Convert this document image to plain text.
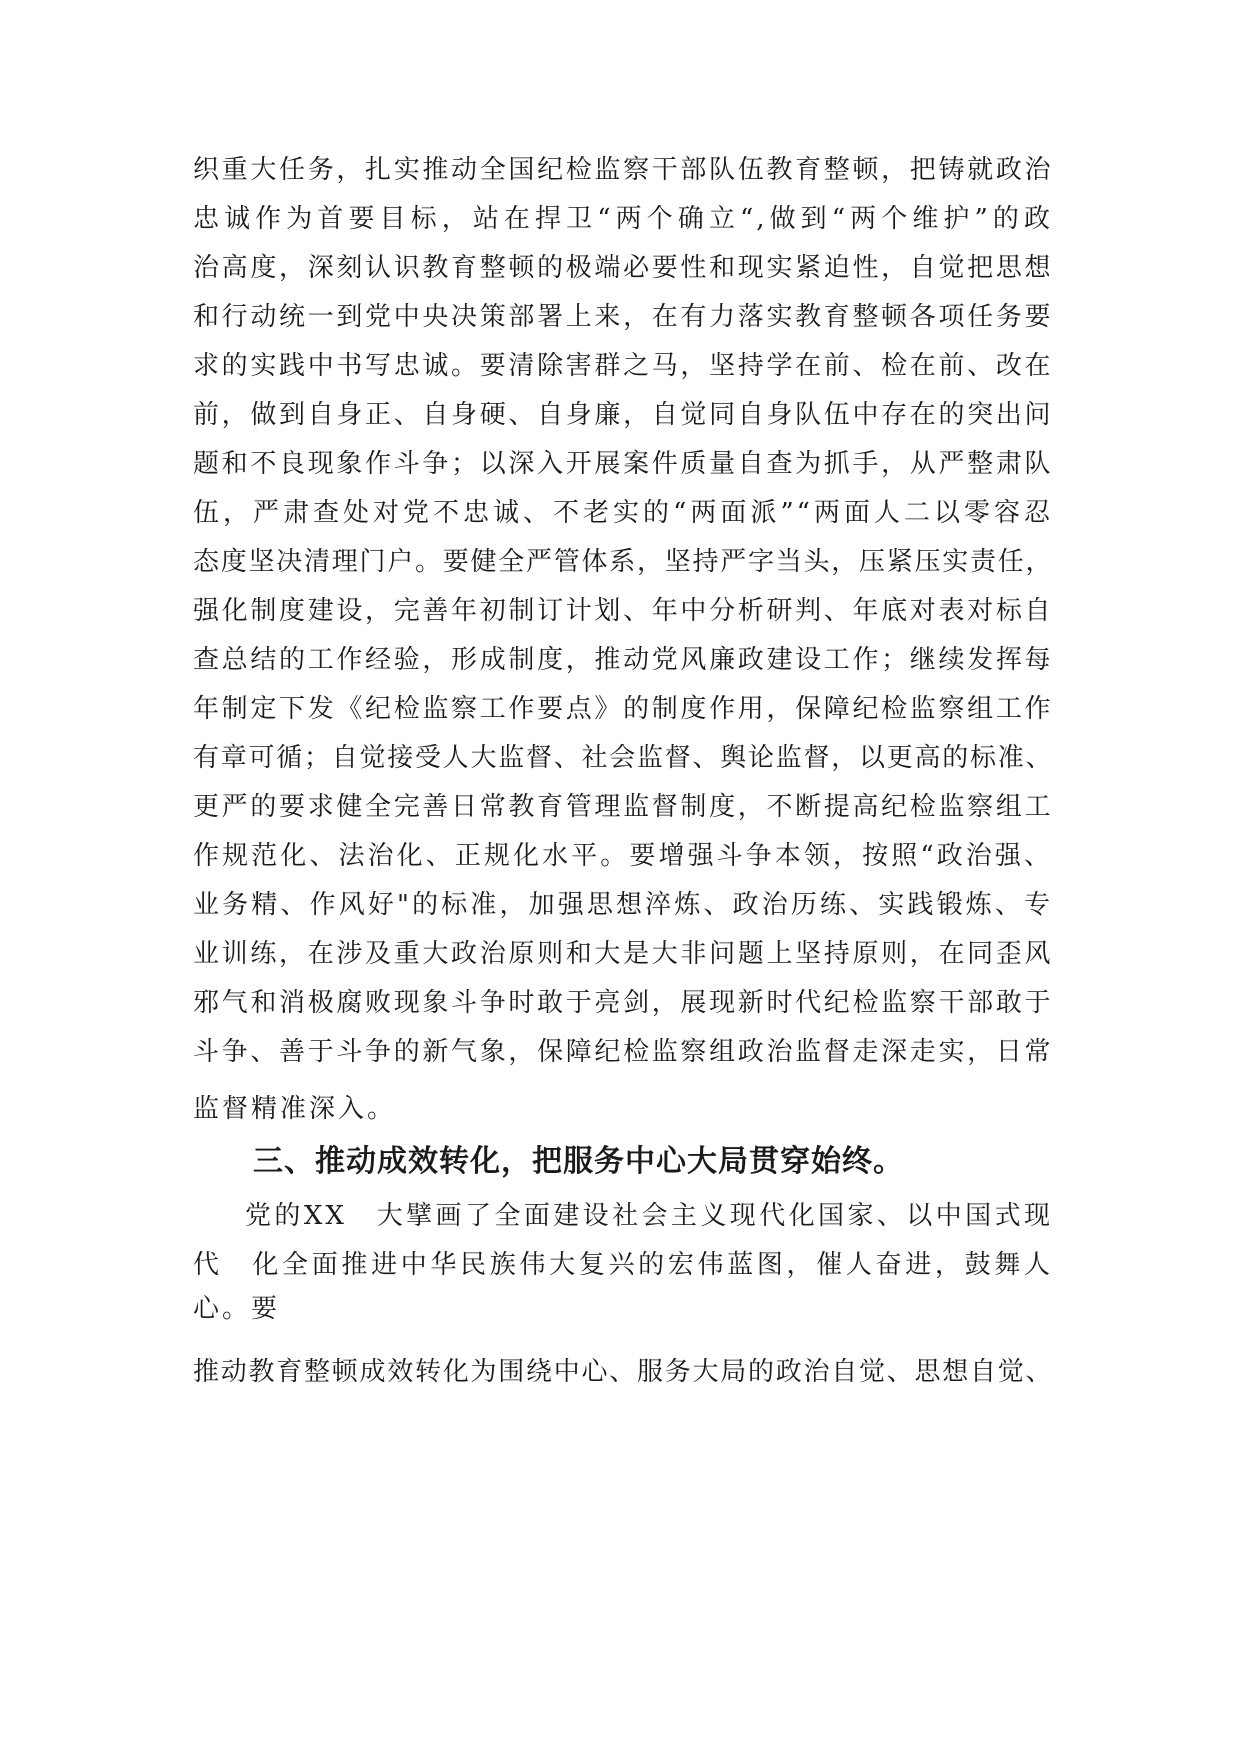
织重大任务，扎实推动全国纪检监察干部队伍教育整顿，把铸就政治
忠诚作为首要目标，站在捍卫“两个确立“,做到“两个维护”的政
治高度，深刻认识教育整顿的极端必要性和现实紧迫性，自觉把思想
和行动统一到党中央决策部署上来，在有力落实教育整顿各项任务要
求的实践中书写忠诚。要清除害群之马，坚持学在前、检在前、改在
前，做到自身正、自身硬、自身廉，自觉同自身队伍中存在的突出问
题和不良现象作斗争；以深入开展案件质量自查为抓手，从严整肃队
伍，严肃查处对党不忠诚、不老实的“两面派”“两面人二以零容忍
态度坚决清理门户。要健全严管体系，坚持严字当头，压紧压实责任，
强化制度建设，完善年初制订计划、年中分析研判、年底对表对标自
查总结的工作经验，形成制度，推动党风廉政建设工作；继续发挥每
年制定下发《纪检监察工作要点》的制度作用，保障纪检监察组工作
有章可循；自觉接受人大监督、社会监督、舆论监督，以更高的标准、
更严的要求健全完善日常教育管理监督制度，不断提高纪检监察组工
作规范化、法治化、正规化水平。要增强斗争本领，按照“政治强、
业务精、作风好"的标准，加强思想淬炼、政治历练、实践锻炼、专
业训练，在涉及重大政治原则和大是大非问题上坚持原则，在同歪风
邪气和消极腐败现象斗争时敢于亮剑，展现新时代纪检监察干部敢于
斗争、善于斗争的新气象，保障纪检监察组政治监督走深走实，日常
监督精准深入。
三、推动成效转化，把服务中心大局贯穿始终。
党的XX　大擘画了全面建设社会主义现代化国家、以中国式现
代　化全面推进中华民族伟大复兴的宏伟蓝图，催人奋进，鼓舞人
心。要
推动教育整顿成效转化为围绕中心、服务大局的政治自觉、思想自觉、
